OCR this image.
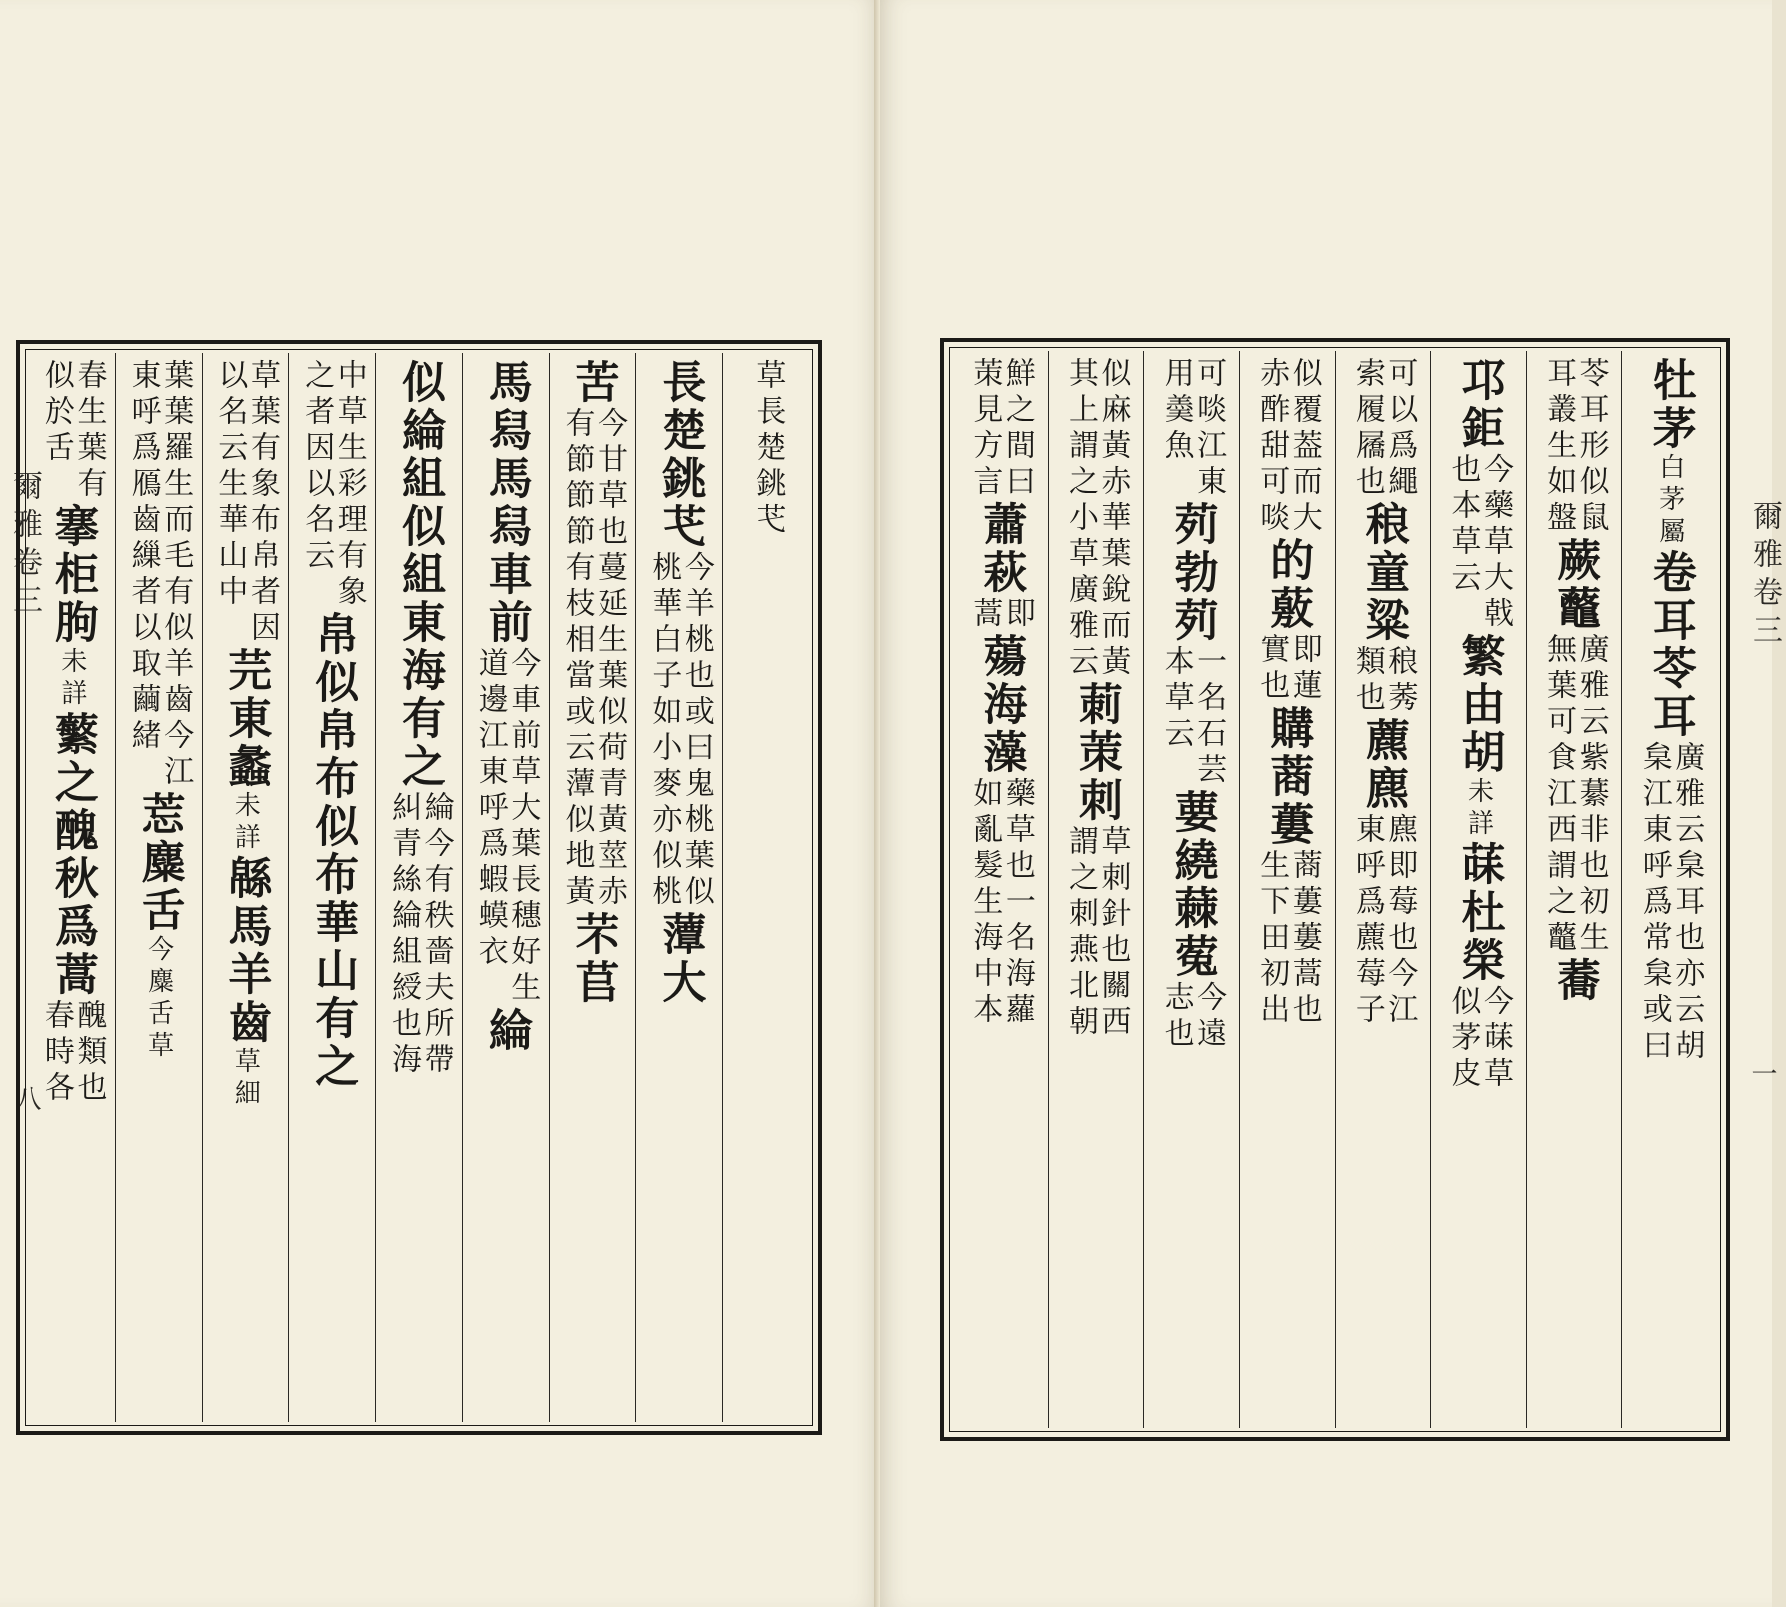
爾雅卷三
八
草長楚銚芅
長楚銚芅
今羊桃也或曰鬼桃葉似
桃華白子如小麥亦似桃
藫大
苦
今甘草也蔓延生葉似荷青黃莖赤
有節節節有枝相當或云藫似地黃
芣苢
馬舄馬舄車前
今車前草大葉長穗好生
道邊江東呼爲蝦蟆衣
綸
似綸組似組東海有之
綸今有秩嗇夫所帶
糾青絲綸組綬也海
中草生彩理有象
之者因以名云
帛似帛布似布華山有之
草葉有象布帛者因
以名云生華山中
芫東蠡
未詳
緜馬羊齒
草細
葉葉羅生而毛有似羊齒今江
東呼爲鴈齒繅者以取繭緒
莣麋舌
今麋舌草
春生葉有
似於舌
搴柜朐
未詳
蘩之醜秋爲蒿
醜類也
春時各
爾雅卷三
一
牡茅
白茅屬
卷耳苓耳
廣雅云枲耳也亦云胡
枲江東呼爲常枲或曰
苓耳形似鼠
耳叢生如盤
蕨虌
廣雅云紫藄非也初生
無葉可食江西謂之虌
蕎
邛鉅
今藥草大戟
也本草云
繁由胡
未詳
菋杜榮
今菋草
似茅皮
可以爲繩
索履屩也
稂童粱
稂莠
類也
藨麃
麃即莓也今江
東呼爲藨莓子
似覆葢而大
赤酢甜可啖
的薂
即蓮
實也
購蔏蔞
蔏蔞蔞蒿也
生下田初出
可啖江東
用羮魚
茢勃茢
一名石芸
本草云
葽繞蕀蒬
今遠
志也
似麻黃赤華葉銳而黃
其上謂之小草廣雅云
莿
茦刺
草刺針也關西
謂之刺燕北朝
鮮之間曰
茦見方言
蕭萩
即
蒿
薚海藻
藥草也一名海蘿
如亂髮生海中本
